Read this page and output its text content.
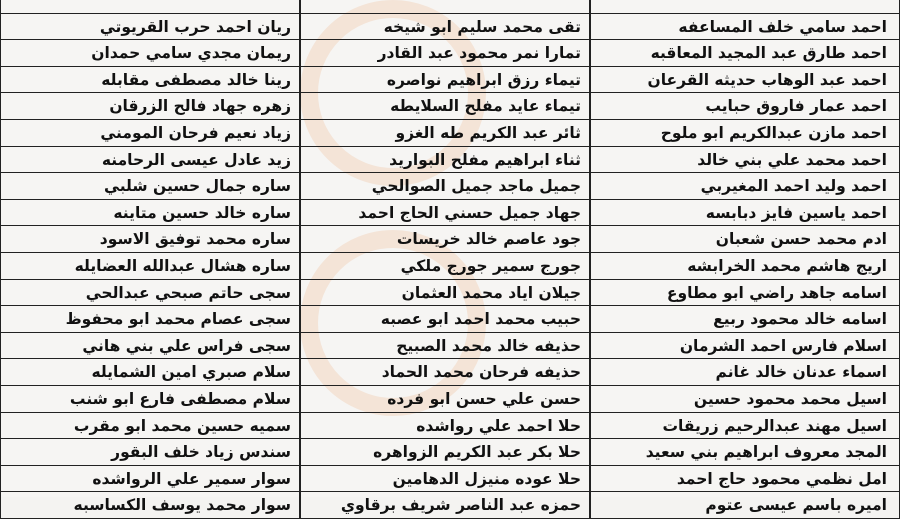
ريان احمد حرب القريوتي
ريمان مجدي سامي حمدان
رينا خالد مصطفى مقابله
زهره جهاد فالح الزرقان
زياد نعيم فرحان المومني
زيد عادل عيسى الرحامنه
ساره جمال حسين شلبي
ساره خالد حسين متاينه
ساره محمد توفيق الاسود
ساره هشال عبدالله العضايله
سجى حاتم صبحي عبدالحي
سجى عصام محمد ابو محفوظ
سجى فراس علي بني هاني
سلام صبري امين الشمايله
سلام مصطفى فارع ابو شنب
سميه حسين محمد ابو مقرب
سندس زياد خلف البقور
سوار سمير علي الرواشده
سوار محمد يوسف الكساسبه
تقى محمد سليم ابو شيخه
تمارا نمر محمود عبد القادر
تيماء رزق ابراهيم نواصره
تيماء عايد مفلح السلايطه
ثائر عبد الكريم طه الغزو
ثناء ابراهيم مفلح البواريد
جميل ماجد جميل الصوالحي
جهاد جميل حسني الحاج احمد
جود عاصم خالد خريسات
جورج سمير جورج ملكي
جيلان اياد محمد العثمان
حبيب محمد احمد ابو عصبه
حذيفه خالد محمد الصبيح
حذيفه فرحان محمد الحماد
حسن علي حسن ابو فرده
حلا احمد علي رواشده
حلا بكر عبد الكريم الزواهره
حلا عوده منيزل الدهامين
حمزه عبد الناصر شريف برقاوي
احمد سامي خلف المساعفه
احمد طارق عبد المجيد المعاقبه
احمد عبد الوهاب حديثه القرعان
احمد عمار فاروق حبايب
احمد مازن عبدالكريم ابو ملوح
احمد محمد علي بني خالد
احمد وليد احمد المغيربي
احمد ياسين فايز دبابسه
ادم محمد حسن شعبان
اريج هاشم محمد الخرابشه
اسامه جاهد راضي ابو مطاوع
اسامه خالد محمود ربيع
اسلام فارس احمد الشرمان
اسماء عدنان خالد غانم
اسيل محمد محمود حسين
اسيل مهند عبدالرحيم زريقات
المجد معروف ابراهيم بني سعيد
امل نظمي محمود حاج احمد
اميره باسم عيسى عتوم
